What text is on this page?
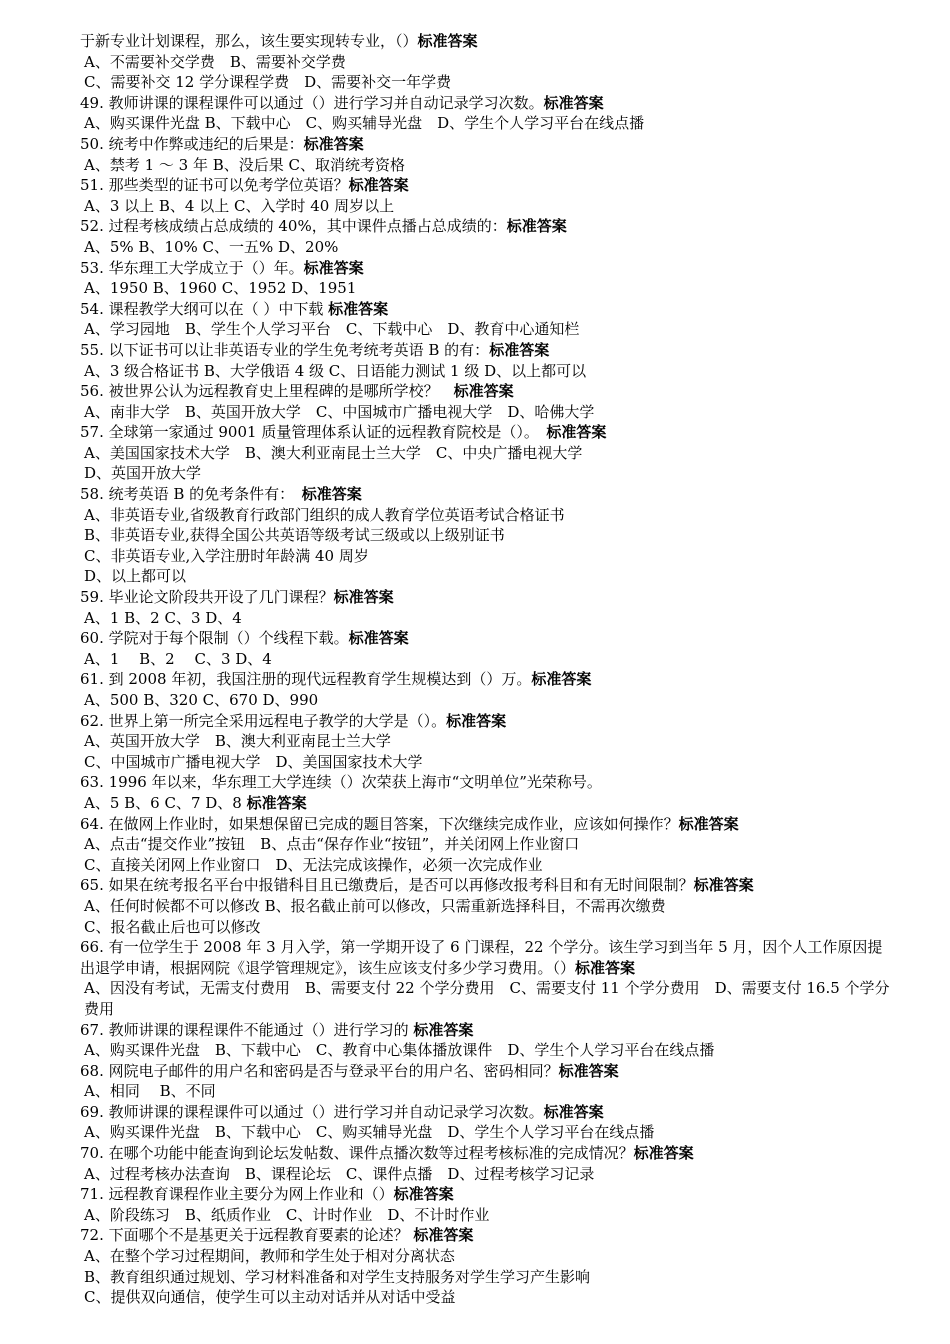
于新专业计划课程，那么，该生要实现转专业，（）标准答案
A、不需要补交学费　B、需要补交学费
C、需要补交 12 学分课程学费　D、需要补交一年学费
49. 教师讲课的课程课件可以通过（）进行学习并自动记录学习次数。标准答案
A、购买课件光盘 B、下载中心　C、购买辅导光盘　D、学生个人学习平台在线点播
50. 统考中作弊或违纪的后果是：标准答案
A、禁考 1 ～ 3 年 B、没后果 C、取消统考资格
51. 那些类型的证书可以免考学位英语？标准答案
A、3 以上 B、4 以上 C、入学时 40 周岁以上
52. 过程考核成绩占总成绩的 40%，其中课件点播占总成绩的：标准答案
A、5% B、10% C、一五% D、20%
53. 华东理工大学成立于（）年。标准答案
A、1950 B、1960 C、1952 D、1951
54. 课程教学大纲可以在（ ）中下载 标准答案
A、学习园地　B、学生个人学习平台　C、下载中心　D、教育中心通知栏
55. 以下证书可以让非英语专业的学生免考统考英语 B 的有：标准答案
A、3 级合格证书 B、大学俄语 4 级 C、日语能力测试 1 级 D、以上都可以
56. 被世界公认为远程教育史上里程碑的是哪所学校？　标准答案
A、南非大学　B、英国开放大学　C、中国城市广播电视大学　D、哈佛大学
57. 全球第一家通过 9001 质量管理体系认证的远程教育院校是（）。　标准答案
A、美国国家技术大学　B、澳大利亚南昆士兰大学　C、中央广播电视大学
D、英国开放大学
58. 统考英语 B 的免考条件有：　标准答案
A、非英语专业,省级教育行政部门组织的成人教育学位英语考试合格证书
B、非英语专业,获得全国公共英语等级考试三级或以上级别证书
C、非英语专业,入学注册时年龄满 40 周岁
D、以上都可以
59. 毕业论文阶段共开设了几门课程？标准答案
A、1 B、2 C、3 D、4
60. 学院对于每个限制（）个线程下载。标准答案
A、1　 B、2　 C、3 D、4
61. 到 2008 年初，我国注册的现代远程教育学生规模达到（）万。标准答案
A、500 B、320 C、670 D、990
62. 世界上第一所完全采用远程电子教学的大学是（）。标准答案
A、英国开放大学　B、澳大利亚南昆士兰大学
C、中国城市广播电视大学　D、美国国家技术大学
63. 1996 年以来，华东理工大学连续（）次荣获上海市“文明单位”光荣称号。
A、5 B、6 C、7 D、8 标准答案
64. 在做网上作业时，如果想保留已完成的题目答案，下次继续完成作业，应该如何操作？标准答案
A、点击“提交作业”按钮　B、点击“保存作业“按钮”，并关闭网上作业窗口
C、直接关闭网上作业窗口　D、无法完成该操作，必须一次完成作业
65. 如果在统考报名平台中报错科目且已缴费后，是否可以再修改报考科目和有无时间限制？标准答案
A、任何时候都不可以修改 B、报名截止前可以修改，只需重新选择科目，不需再次缴费
C、报名截止后也可以修改
66. 有一位学生于 2008 年 3 月入学，第一学期开设了 6 门课程，22 个学分。该生学习到当年 5 月，因个人工作原因提出退学申请，根据网院《退学管理规定》，该生应该支付多少学习费用。（）标准答案
A、因没有考试，无需支付费用　B、需要支付 22 个学分费用　C、需要支付 11 个学分费用　D、需要支付 16.5 个学分费用
67. 教师讲课的课程课件不能通过（）进行学习的 标准答案
A、购买课件光盘　B、下载中心　C、教育中心集体播放课件　D、学生个人学习平台在线点播
68. 网院电子邮件的用户名和密码是否与登录平台的用户名、密码相同？标准答案
A、相同　 B、不同
69. 教师讲课的课程课件可以通过（）进行学习并自动记录学习次数。标准答案
A、购买课件光盘　B、下载中心　C、购买辅导光盘　D、学生个人学习平台在线点播
70. 在哪个功能中能查询到论坛发帖数、课件点播次数等过程考核标准的完成情况？标准答案
A、过程考核办法查询　B、课程论坛　C、课件点播　D、过程考核学习记录
71. 远程教育课程作业主要分为网上作业和（）标准答案
A、阶段练习　B、纸质作业　C、计时作业　D、不计时作业
72. 下面哪个不是基更关于远程教育要素的论述？ 标准答案
A、在整个学习过程期间，教师和学生处于相对分离状态
B、教育组织通过规划、学习材料准备和对学生支持服务对学生学习产生影响
C、提供双向通信，使学生可以主动对话并从对话中受益
